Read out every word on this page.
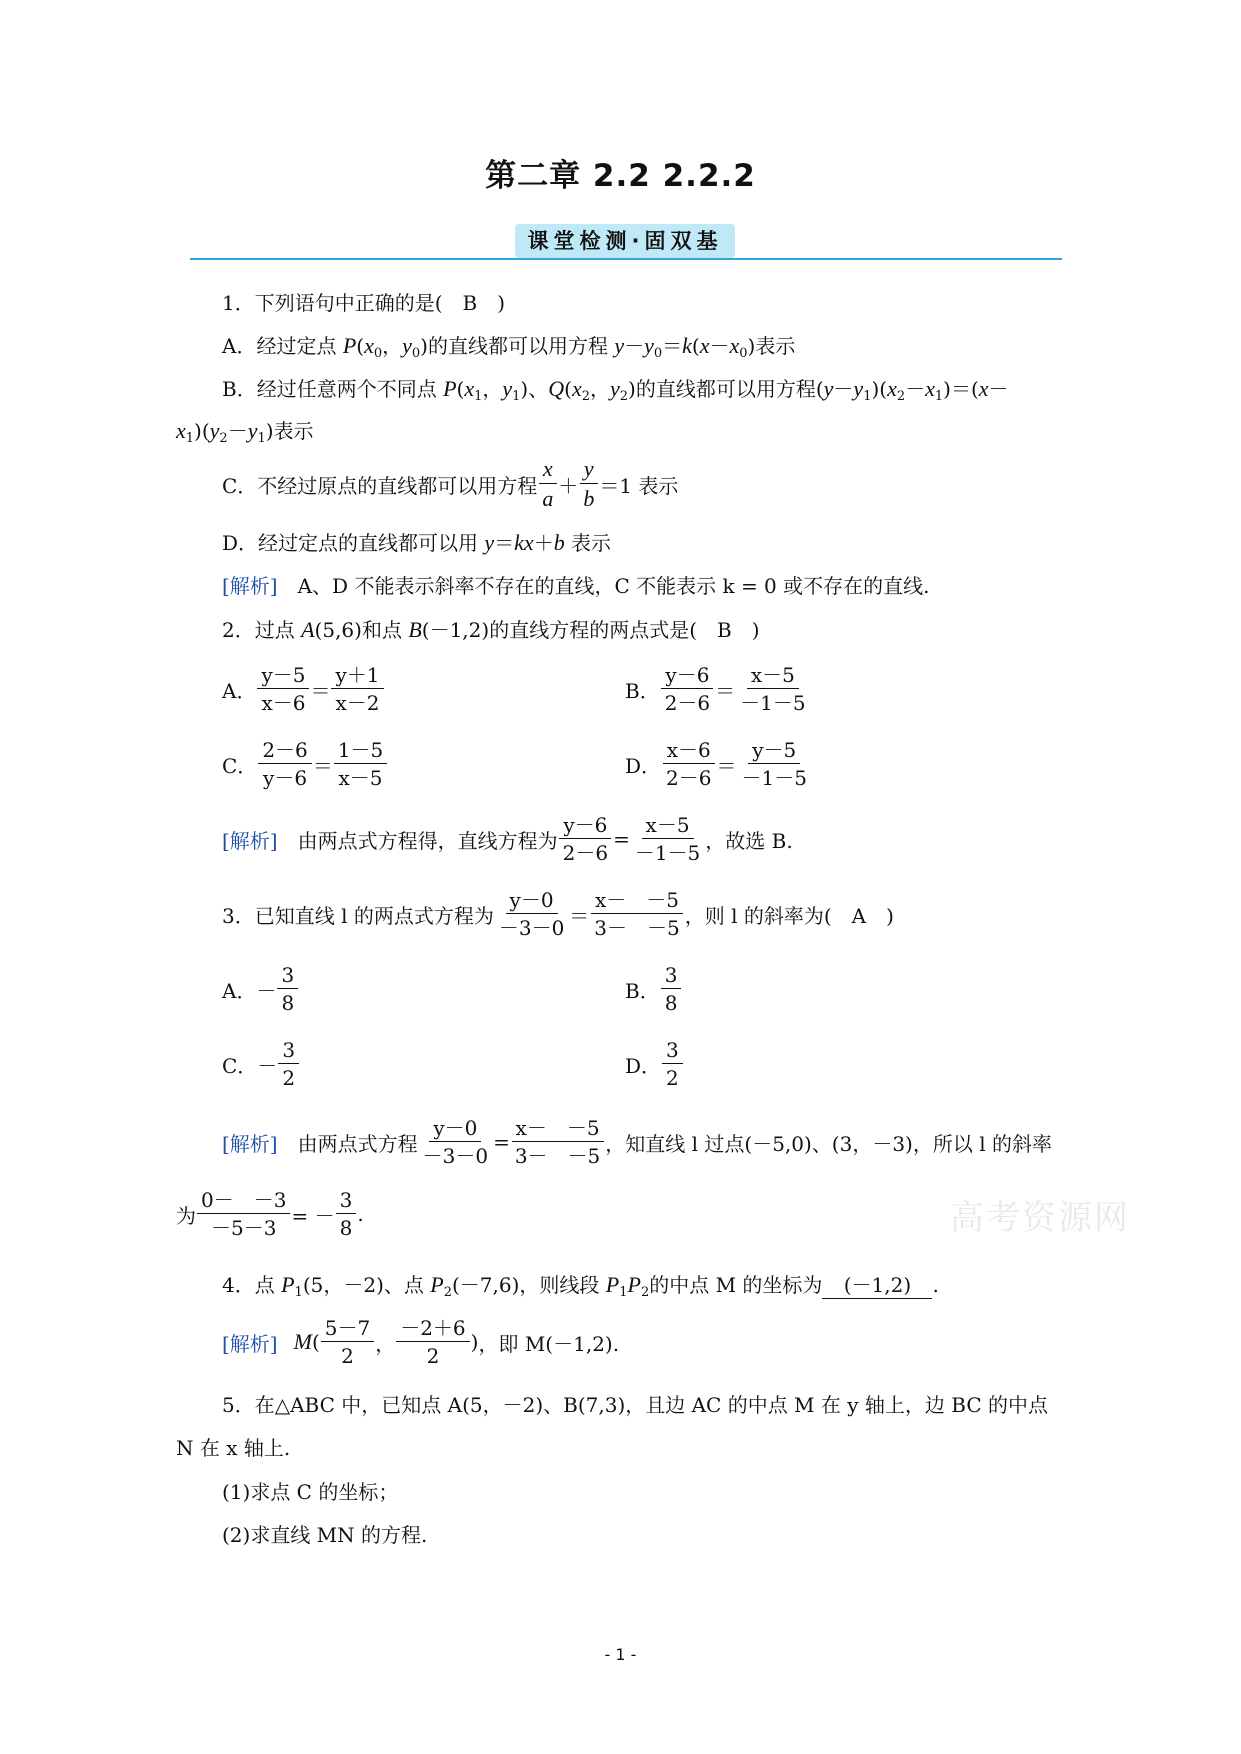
第二章 2.2 2.2.2
课堂检测·固双基
1．下列语句中正确的是(　B　)
A．经过定点 $P(x_0$，$y_0$)的直线都可以用方程 $y-y_0=k(x-x_0)$表示
B．经过任意两个不同点 $P(x_1$，$y_1$)、$Q(x_2$，$y_2$)的直线都可以用方程$(y-y_1)(x_2-x_1)=(x-$
$x_1)(y_2-y_1)$表示
C．不经过原点的直线都可以用方程 $\frac{x}{a} + \frac{y}{b} =1$ 表示
D．经过定点的直线都可以用 y＝kx＋b 表示
[解析]　A、D 不能表示斜率不存在的直线，C 不能表示 k = 0 或不存在的直线.
2．过点 A(5,6)和点 B(－1,2)的直线方程的两点式是(　B　)
A． $\frac{y-5}{x-6} = \frac{y+1}{x-2}$	B． $\frac{y-6}{2-6} = \frac{x-5}{-1-5}$
C． $\frac{2-6}{y-6} = \frac{1-5}{x-5}$	D． $\frac{x-6}{2-6} = \frac{y-5}{-1-5}$
[解析] 　由两点式方程得，直线方程为 $\frac{y-6}{2-6} = \frac{x-5}{-1-5}$ ，故选 B.
3．已知直线 l 的两点式方程为 $\frac{y-0}{-3-0} = \frac{x- -5}{3- -5}$ ，则 l 的斜率为(　A　)
A．－ $\frac{3}{8}$	B． $\frac{3}{8}$
C．－ $\frac{3}{2}$	D． $\frac{3}{2}$
[解析] 　由两点式方程 $\frac{y-0}{-3-0} = \frac{x- -5}{3- -5}$ ，知直线 l 过点(－5,0)、(3，－3)，所以 l 的斜率
为 $\frac{0- -3}{-5-3}$ = － $\frac{3}{8}$ .
4．点 $P_1(5$，－2)、点 $P_2(-7,6)$，则线段 $P_1P_2$的中点 M 的坐标为 (－1,2) .
[解析] $M( \frac{5-7}{2}$ ， $\frac{-2+6}{2}$ ) ，即 M(－1,2).
5．在△ABC 中，已知点 A(5，－2)、B(7,3)，且边 AC 的中点 M 在 y 轴上，边 BC 的中点
N 在 x 轴上.
(1)求点 C 的坐标；
(2)求直线 MN 的方程.
高考资源网
- 1 -
